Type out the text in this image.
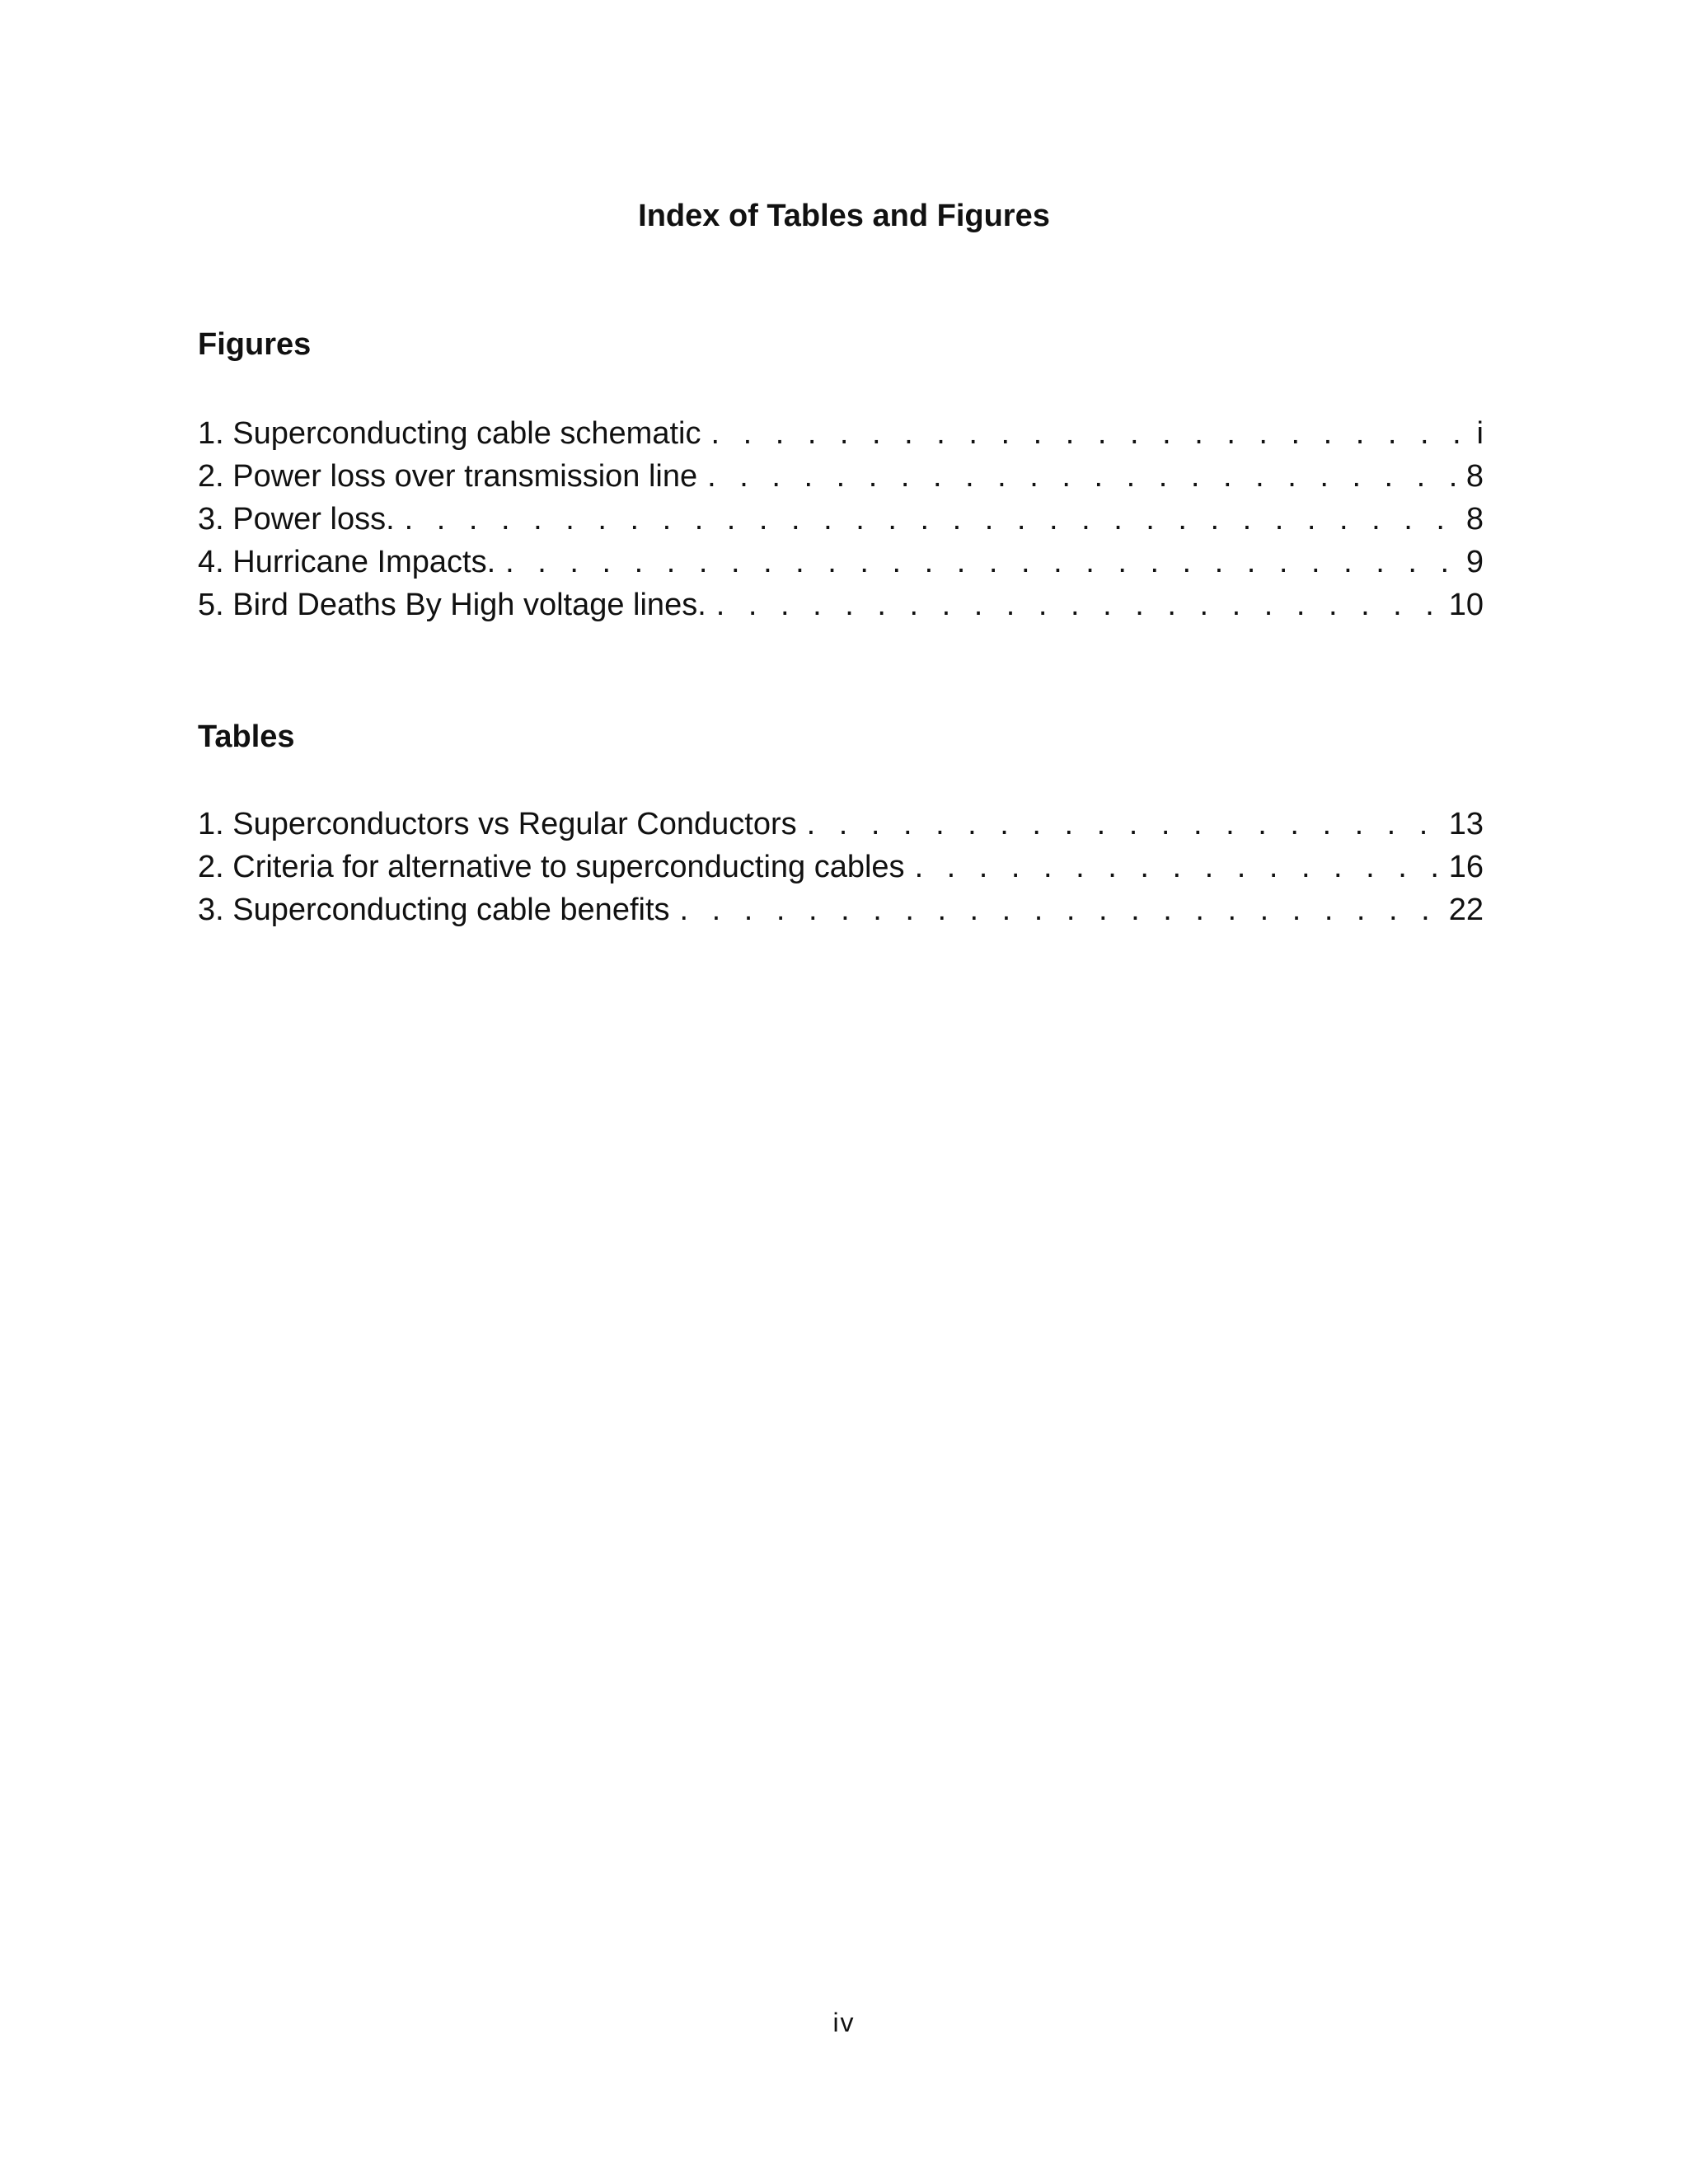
Index of Tables and Figures
Figures
1. Superconducting cable schematic . . .	i
2. Power loss over transmission line . . .	8
3. Power loss. . . .	8
4. Hurricane Impacts. . . .	9
5. Bird Deaths By High voltage lines. . . .	10
Tables
1. Superconductors vs Regular Conductors . . .	13
2. Criteria for alternative to superconducting cables . . .	16
3. Superconducting cable benefits . . .	22
iv
